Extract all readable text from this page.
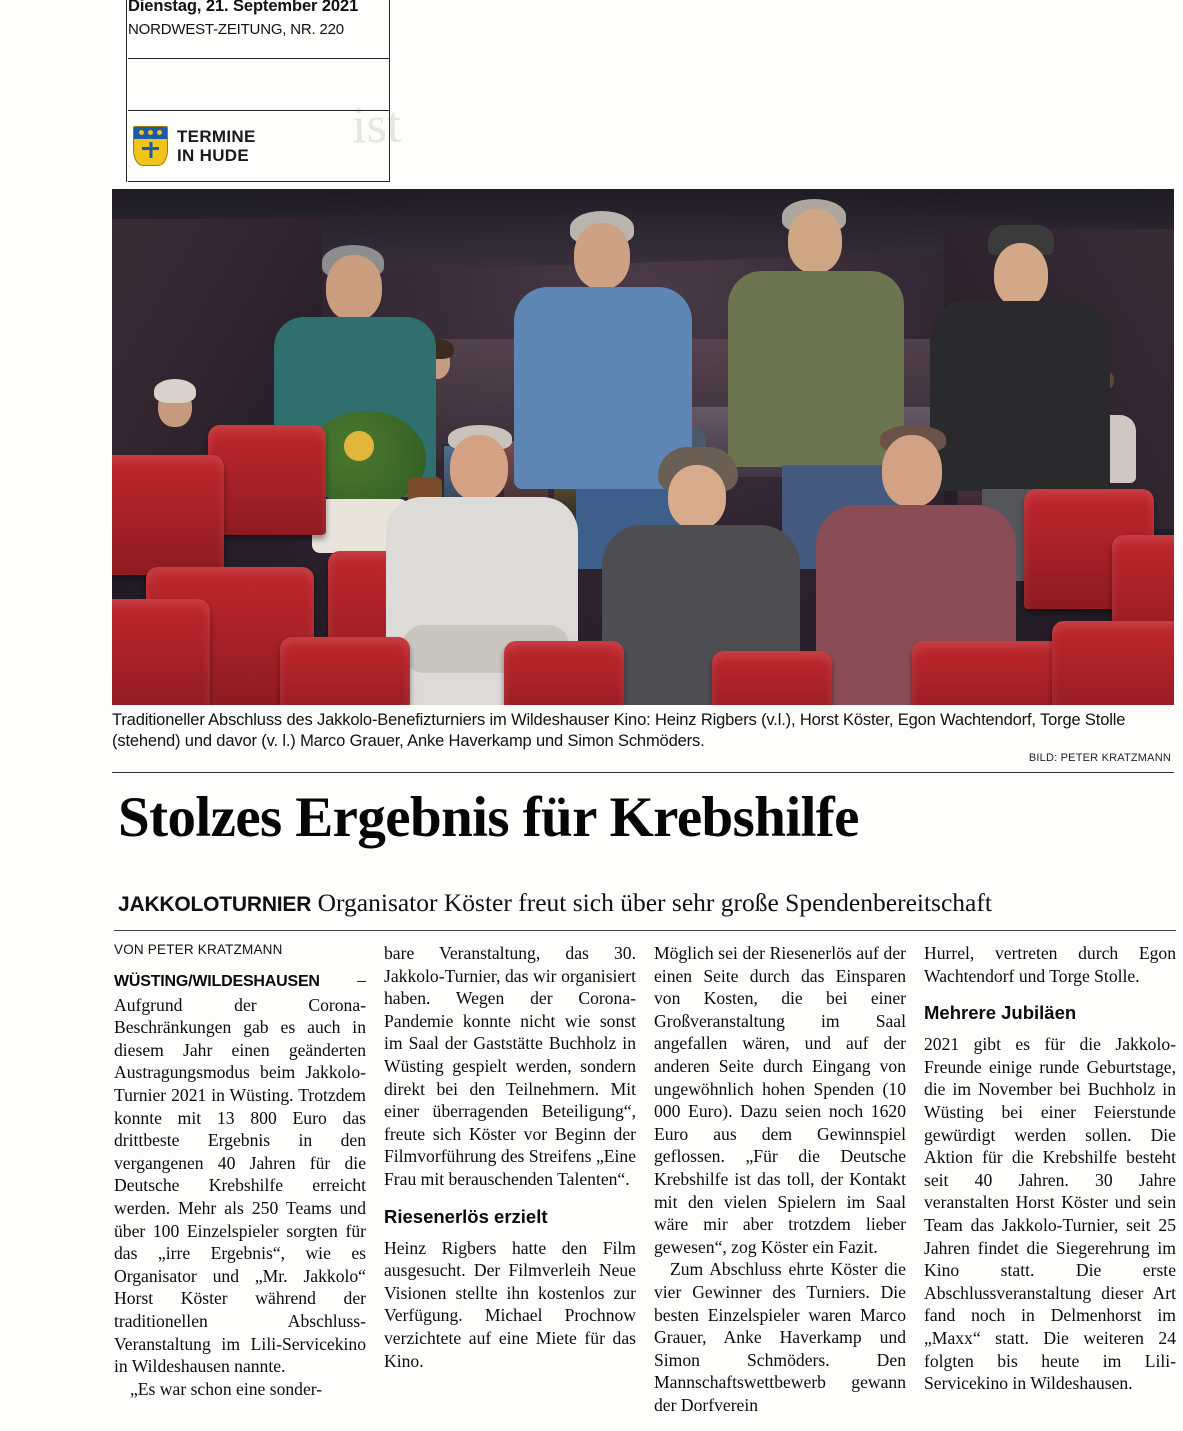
Dienstag, 21. September 2021
NORDWEST-ZEITUNG, NR. 220
ist
TERMINE
IN HUDE
Traditioneller Abschluss des Jakkolo-Benefizturniers im Wildeshauser Kino: Heinz Rigbers (v.l.), Horst Köster, Egon Wachtendorf, Torge Stolle (stehend) und davor (v. l.) Marco Grauer, Anke Haverkamp und Simon Schmöders.
BILD: PETER KRATZMANN
Stolzes Ergebnis für Krebshilfe
JAKKOLOTURNIER Organisator Köster freut sich über sehr große Spendenbereitschaft
VON PETER KRATZMANN

WÜSTING/WILDESHAUSEN – Aufgrund der Corona-Beschränkungen gab es auch in diesem Jahr einen geänderten Austragungsmodus beim Jakkolo-Turnier 2021 in Wüsting. Trotzdem konnte mit 13 800 Euro das drittbeste Ergebnis in den vergangenen 40 Jahren für die Deutsche Krebshilfe erreicht werden. Mehr als 250 Teams und über 100 Einzelspieler sorgten für das „irre Ergebnis“, wie es Organisator und „Mr. Jakkolo“ Horst Köster während der traditionellen Abschluss-Veranstaltung im Lili-Servicekino in Wildeshausen nannte.

„Es war schon eine sonder-

bare Veranstaltung, das 30. Jakkolo-Turnier, das wir organisiert haben. Wegen der Corona-Pandemie konnte nicht wie sonst im Saal der Gaststätte Buchholz in Wüsting gespielt werden, sondern direkt bei den Teilnehmern. Mit einer überragenden Beteiligung“, freute sich Köster vor Beginn der Filmvorführung des Streifens „Eine Frau mit berauschenden Talenten“.

Riesenerlös erzielt

Heinz Rigbers hatte den Film ausgesucht. Der Filmverleih Neue Visionen stellte ihn kostenlos zur Verfügung. Michael Prochnow verzichtete auf eine Miete für das Kino.

Möglich sei der Riesenerlös auf der einen Seite durch das Einsparen von Kosten, die bei einer Großveranstaltung im Saal angefallen wären, und auf der anderen Seite durch Eingang von ungewöhnlich hohen Spenden (10 000 Euro). Dazu seien noch 1620 Euro aus dem Gewinnspiel geflossen. „Für die Deutsche Krebshilfe ist das toll, der Kontakt mit den vielen Spielern im Saal wäre mir aber trotzdem lieber gewesen“, zog Köster ein Fazit.

Zum Abschluss ehrte Köster die vier Gewinner des Turniers. Die besten Einzelspieler waren Marco Grauer, Anke Haverkamp und Simon Schmöders. Den Mannschaftswettbewerb gewann der Dorfverein

Hurrel, vertreten durch Egon Wachtendorf und Torge Stolle.

Mehrere Jubiläen

2021 gibt es für die Jakkolo-Freunde einige runde Geburtstage, die im November bei Buchholz in Wüsting bei einer Feierstunde gewürdigt werden sollen. Die Aktion für die Krebshilfe besteht seit 40 Jahren. 30 Jahre veranstalten Horst Köster und sein Team das Jakkolo-Turnier, seit 25 Jahren findet die Siegerehrung im Kino statt. Die erste Abschlussveranstaltung dieser Art fand noch in Delmenhorst im „Maxx“ statt. Die weiteren 24 folgten bis heute im Lili-Servicekino in Wildeshausen.
